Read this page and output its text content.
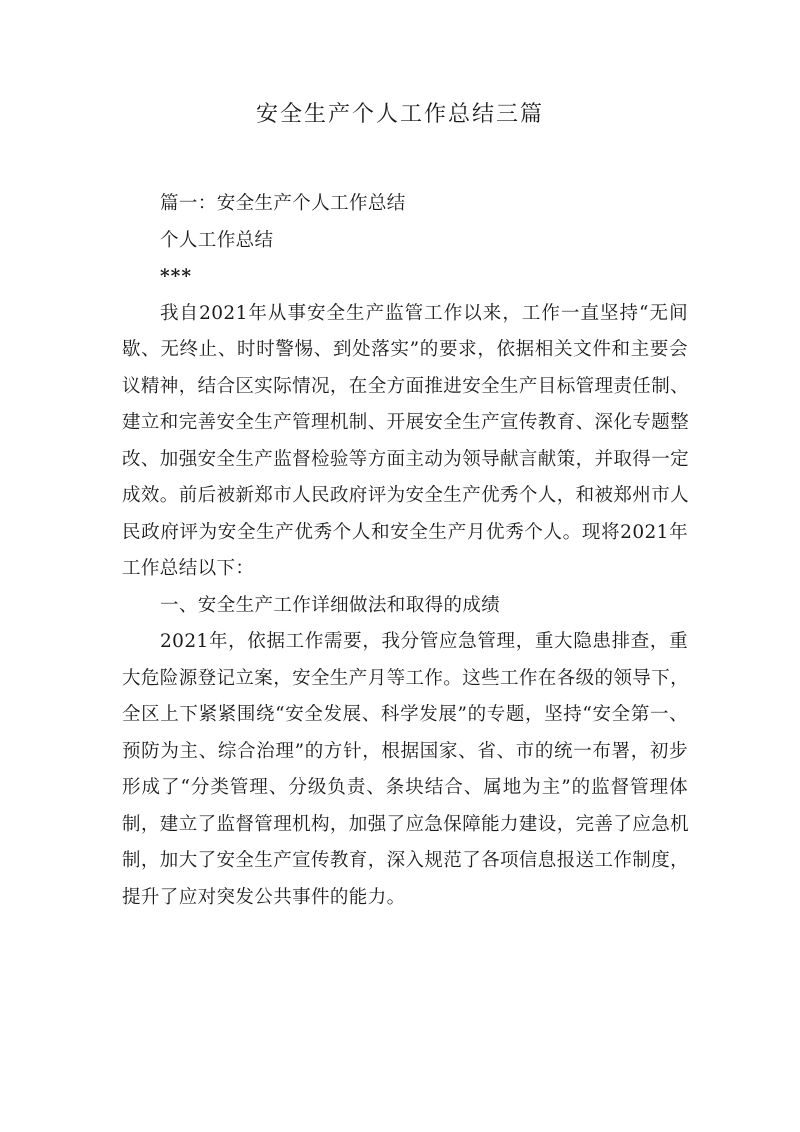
安全生产个人工作总结三篇
篇一：安全生产个人工作总结
个人工作总结
***
我自2021年从事安全生产监管工作以来，工作一直坚持“无间
歇、无终止、时时警惕、到处落实”的要求，依据相关文件和主要会
议精神，结合区实际情况，在全方面推进安全生产目标管理责任制、
建立和完善安全生产管理机制、开展安全生产宣传教育、深化专题整
改、加强安全生产监督检验等方面主动为领导献言献策，并取得一定
成效。前后被新郑市人民政府评为安全生产优秀个人，和被郑州市人
民政府评为安全生产优秀个人和安全生产月优秀个人。现将2021年
工作总结以下：
一、安全生产工作详细做法和取得的成绩
2021年，依据工作需要，我分管应急管理，重大隐患排查，重
大危险源登记立案，安全生产月等工作。这些工作在各级的领导下，
全区上下紧紧围绕“安全发展、科学发展”的专题，坚持“安全第一、
预防为主、综合治理”的方针，根据国家、省、市的统一布署，初步
形成了“分类管理、分级负责、条块结合、属地为主”的监督管理体
制，建立了监督管理机构，加强了应急保障能力建设，完善了应急机
制，加大了安全生产宣传教育，深入规范了各项信息报送工作制度，
提升了应对突发公共事件的能力。
